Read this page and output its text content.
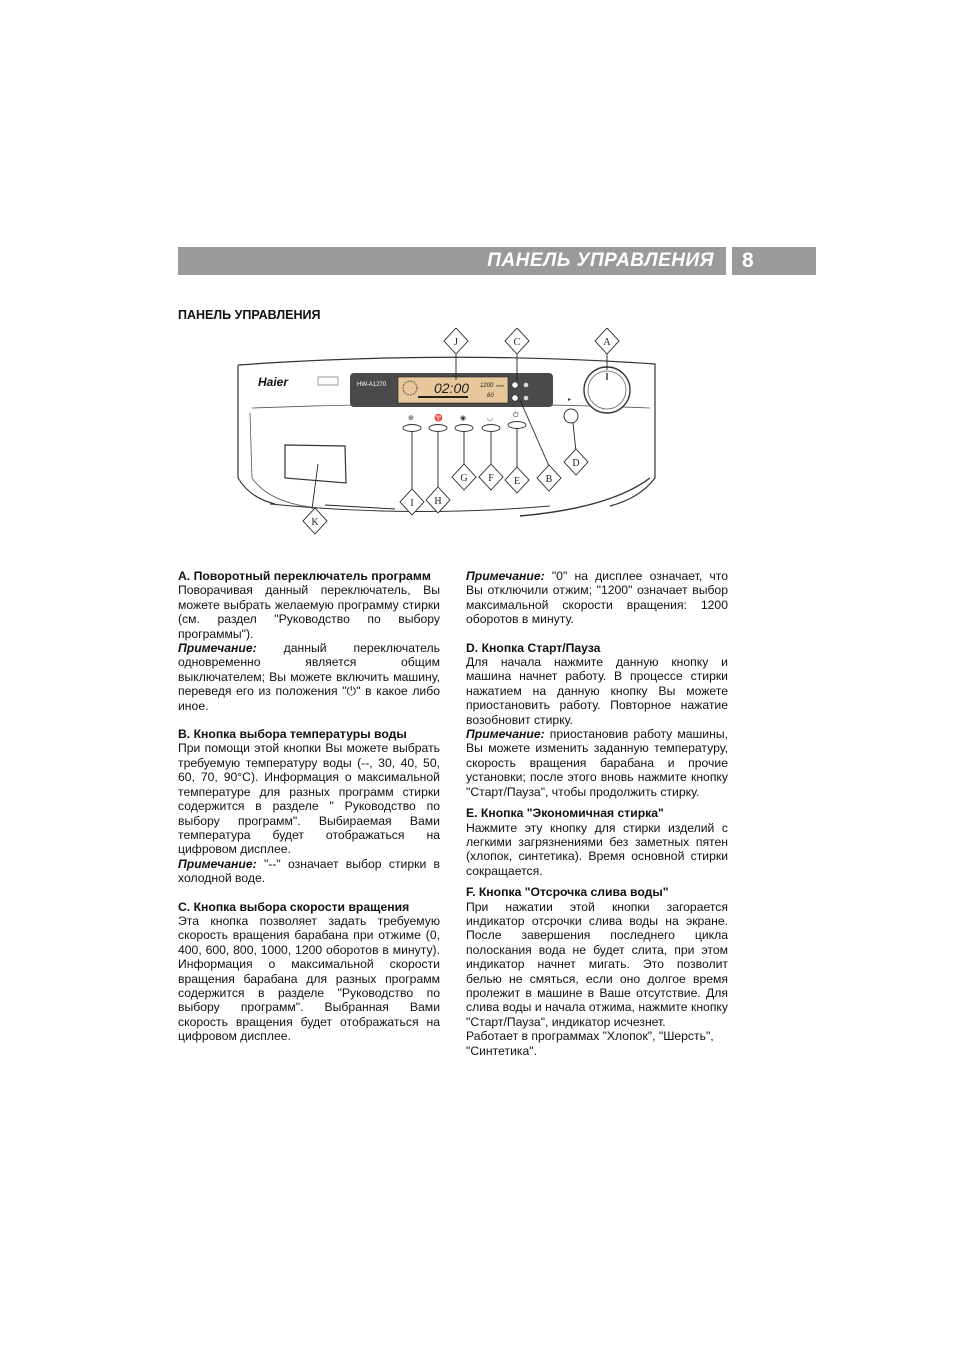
ПАНЕЛЬ УПРАВЛЕНИЯ 8
ПАНЕЛЬ УПРАВЛЕНИЯ
Haier	HW-A1270	02:00 1200 r/min
60
▸
⊕	♈ ◉	◡	⏻
J	C	A
D
B
E
F
G
H
I
K

A. Поворотный переключатель программ

Поворачивая данный переключатель, Вы можете выбрать желаемую программу стирки (см. раздел "Руководство по выбору программы").

Примечание: данный переключатель одновременно является общим выключателем; Вы можете включить машину, переведя его из положения "⏻" в какое либо иное.

B. Кнопка выбора температуры воды

При помощи этой кнопки Вы можете выбрать требуемую температуру воды (--, 30, 40, 50, 60, 70, 90°С). Информация о максимальной температуре для разных программ стирки содержится в разделе " Руководство по выбору программ". Выбираемая Вами температура будет отображаться на цифровом дисплее.

Примечание: "--" означает выбор стирки в холодной воде.

С. Кнопка выбора скорости вращения

Эта кнопка позволяет задать требуемую скорость вращения барабана при отжиме (0, 400, 600, 800, 1000, 1200 оборотов в минуту). Информация о максимальной скорости вращения барабана для разных программ содержится в разделе "Руководство по выбору программ". Выбранная Вами скорость вращения будет отображаться на цифровом дисплее.

Примечание: "0" на дисплее означает, что Вы отключили отжим; "1200" означает выбор максимальной скорости вращения: 1200 оборотов в минуту.

D. Кнопка Старт/Пауза

Для начала нажмите данную кнопку и машина начнет работу. В процессе стирки нажатием на данную кнопку Вы можете приостановить работу. Повторное нажатие возобновит стирку.

Примечание: приостановив работу машины, Вы можете изменить заданную температуру, скорость вращения барабана и прочие установки; после этого вновь нажмите кнопку "Старт/Пауза", чтобы продолжить стирку.

Е. Кнопка "Экономичная стирка"

Нажмите эту кнопку для стирки изделий с легкими загрязнениями без заметных пятен (хлопок, синтетика). Время основной стирки сокращается.

F. Кнопка "Отсрочка слива воды"

При нажатии этой кнопки загорается индикатор отсрочки слива воды на экране. После завершения последнего цикла полоскания вода не будет слита, при этом индикатор начнет мигать. Это позволит белью не смяться, если оно долгое время пролежит в машине в Ваше отсутствие. Для слива воды и начала отжима, нажмите кнопку "Старт/Пауза", индикатор исчезнет.

Работает в программах "Хлопок", "Шерсть", "Синтетика".
